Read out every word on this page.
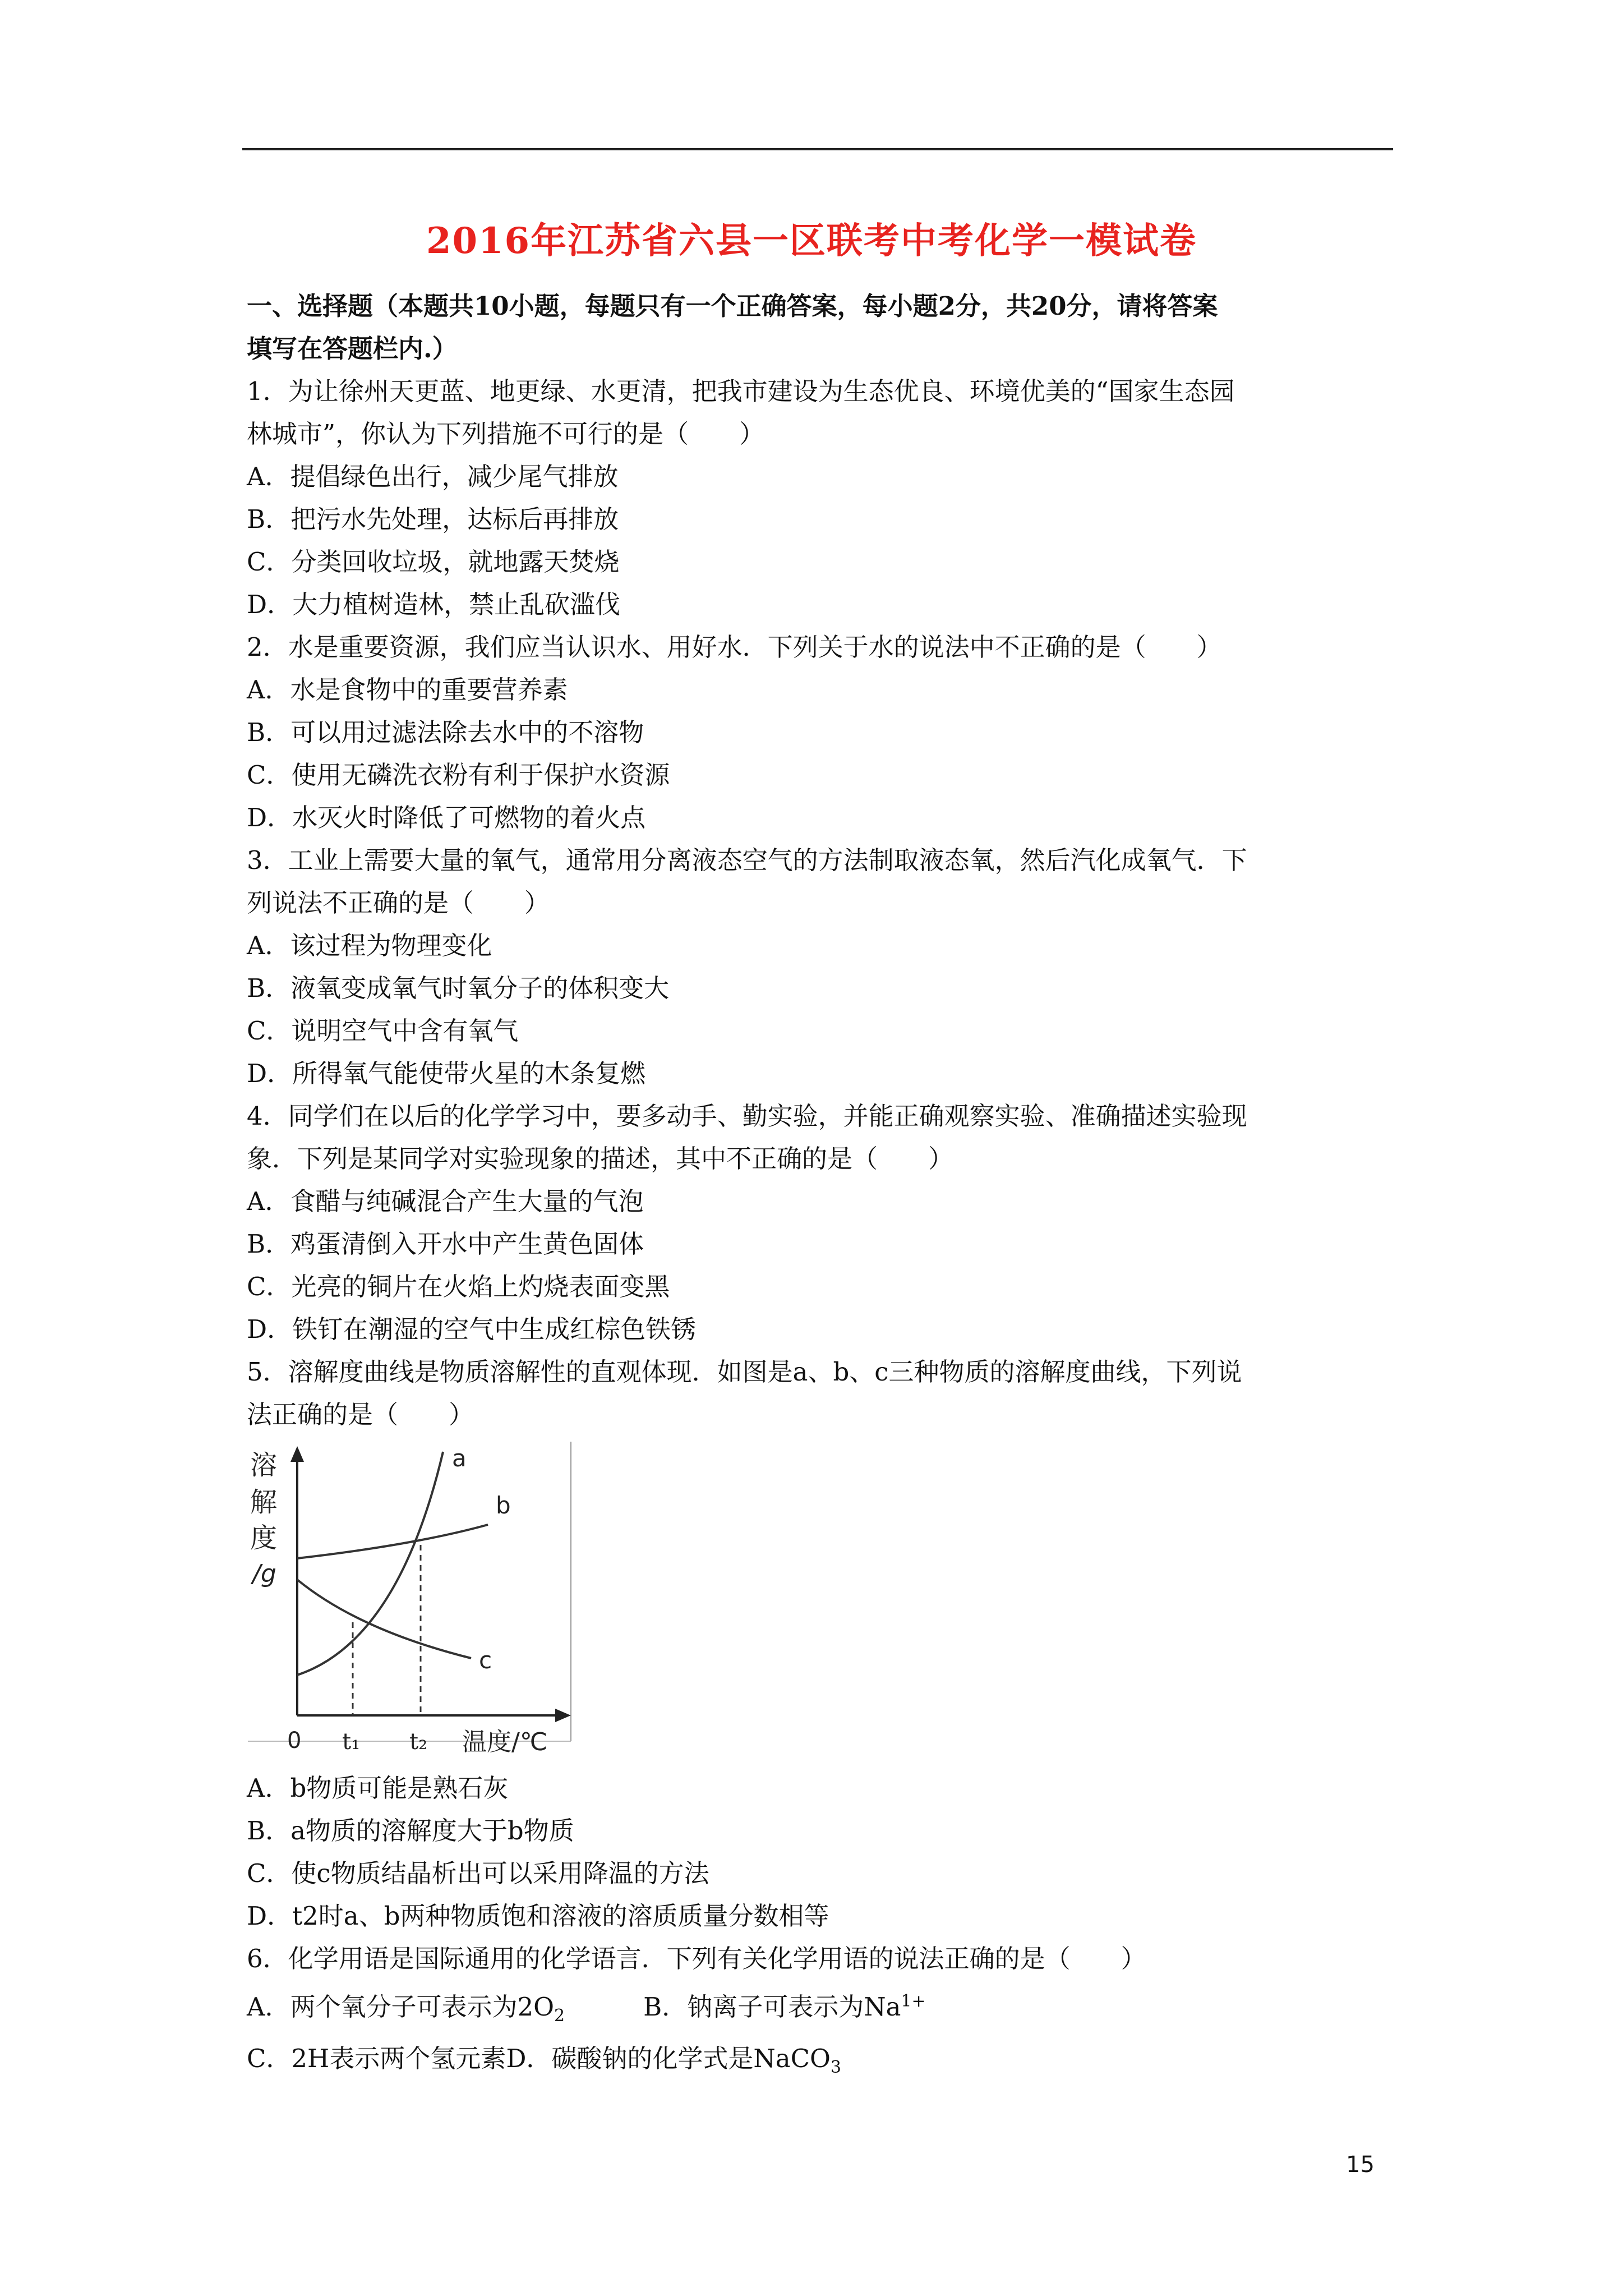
2016年江苏省六县一区联考中考化学一模试卷

一、选择题（本题共10小题，每题只有一个正确答案，每小题2分，共20分，请将答案

填写在答题栏内.）

1．为让徐州天更蓝、地更绿、水更清，把我市建设为生态优良、环境优美的“国家生态园

林城市”，你认为下列措施不可行的是（　　）

A．提倡绿色出行，减少尾气排放

B．把污水先处理，达标后再排放

C．分类回收垃圾，就地露天焚烧

D．大力植树造林，禁止乱砍滥伐

2．水是重要资源，我们应当认识水、用好水．下列关于水的说法中不正确的是（　　）

A．水是食物中的重要营养素

B．可以用过滤法除去水中的不溶物

C．使用无磷洗衣粉有利于保护水资源

D．水灭火时降低了可燃物的着火点

3．工业上需要大量的氧气，通常用分离液态空气的方法制取液态氧，然后汽化成氧气．下

列说法不正确的是（　　）

A．该过程为物理变化

B．液氧变成氧气时氧分子的体积变大

C．说明空气中含有氧气

D．所得氧气能使带火星的木条复燃

4．同学们在以后的化学学习中，要多动手、勤实验，并能正确观察实验、准确描述实验现

象．下列是某同学对实验现象的描述，其中不正确的是（　　）

A．食醋与纯碱混合产生大量的气泡

B．鸡蛋清倒入开水中产生黄色固体

C．光亮的铜片在火焰上灼烧表面变黑

D．铁钉在潮湿的空气中生成红棕色铁锈

5．溶解度曲线是物质溶解性的直观体现．如图是a、b、c三种物质的溶解度曲线，下列说

法正确的是（　　）

溶
解
度
/g
a
b
c
0 t₁ t₂ 温度/℃

A．b物质可能是熟石灰

B．a物质的溶解度大于b物质

C．使c物质结晶析出可以采用降温的方法

D．t2时a、b两种物质饱和溶液的溶质质量分数相等

6．化学用语是国际通用的化学语言．下列有关化学用语的说法正确的是（　　）

A．两个氧分子可表示为$2O_2$	B．钠离子可表示为$Na^{1+}$

C．2H表示两个氢元素D．碳酸钠的化学式是NaCO$_3$

15
